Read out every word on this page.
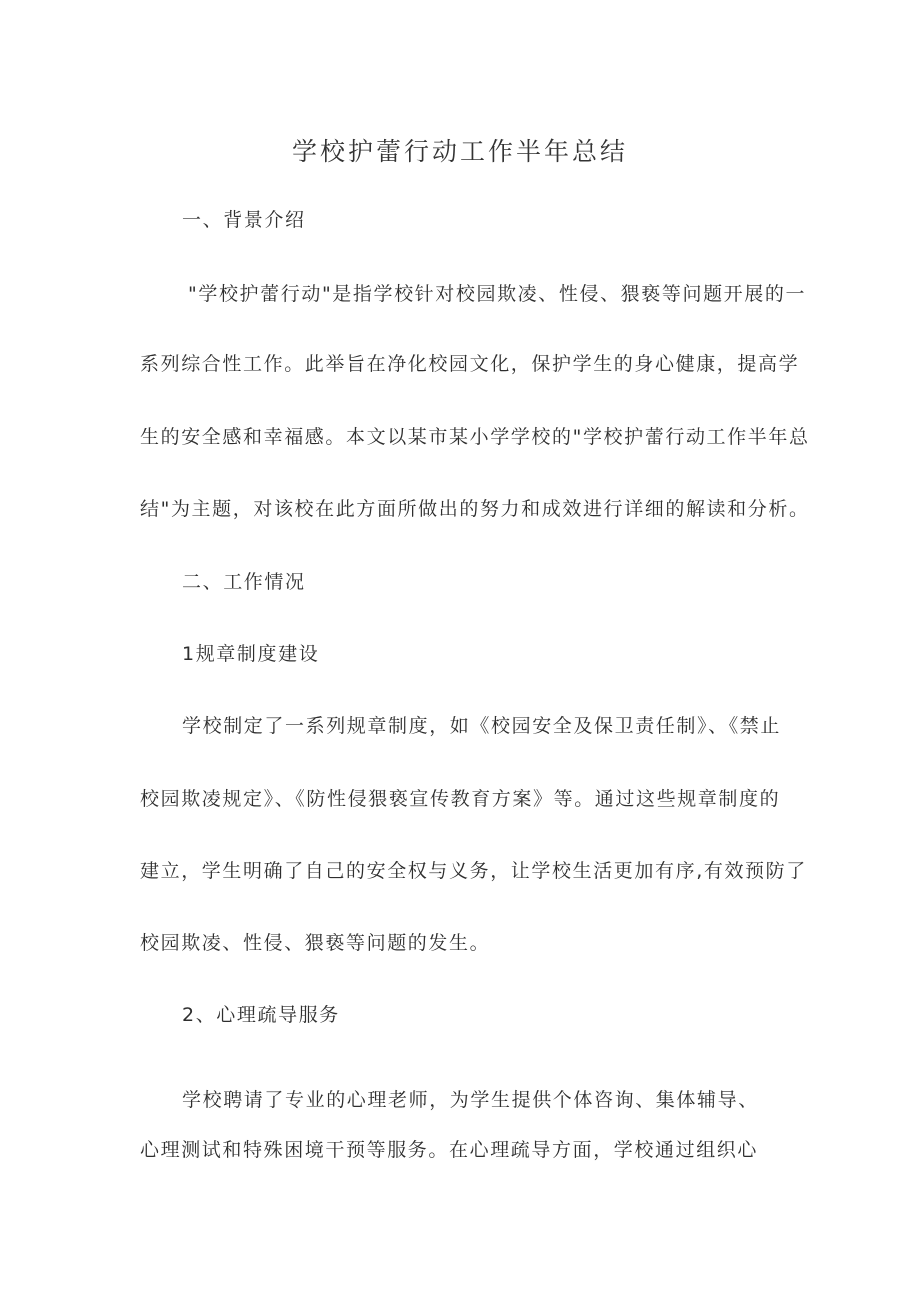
学校护蕾行动工作半年总结

一、背景介绍

"学校护蕾行动"是指学校针对校园欺凌、性侵、猥亵等问题开展的一

系列综合性工作。此举旨在净化校园文化，保护学生的身心健康，提高学

生的安全感和幸福感。本文以某市某小学学校的"学校护蕾行动工作半年总

结"为主题，对该校在此方面所做出的努力和成效进行详细的解读和分析。

二、工作情况

1规章制度建设

学校制定了一系列规章制度，如《校园安全及保卫责任制》、《禁止

校园欺凌规定》、《防性侵猥亵宣传教育方案》等。通过这些规章制度的

建立，学生明确了自己的安全权与义务，让学校生活更加有序,有效预防了

校园欺凌、性侵、猥亵等问题的发生。

2、心理疏导服务

学校聘请了专业的心理老师，为学生提供个体咨询、集体辅导、

心理测试和特殊困境干预等服务。在心理疏导方面，学校通过组织心
